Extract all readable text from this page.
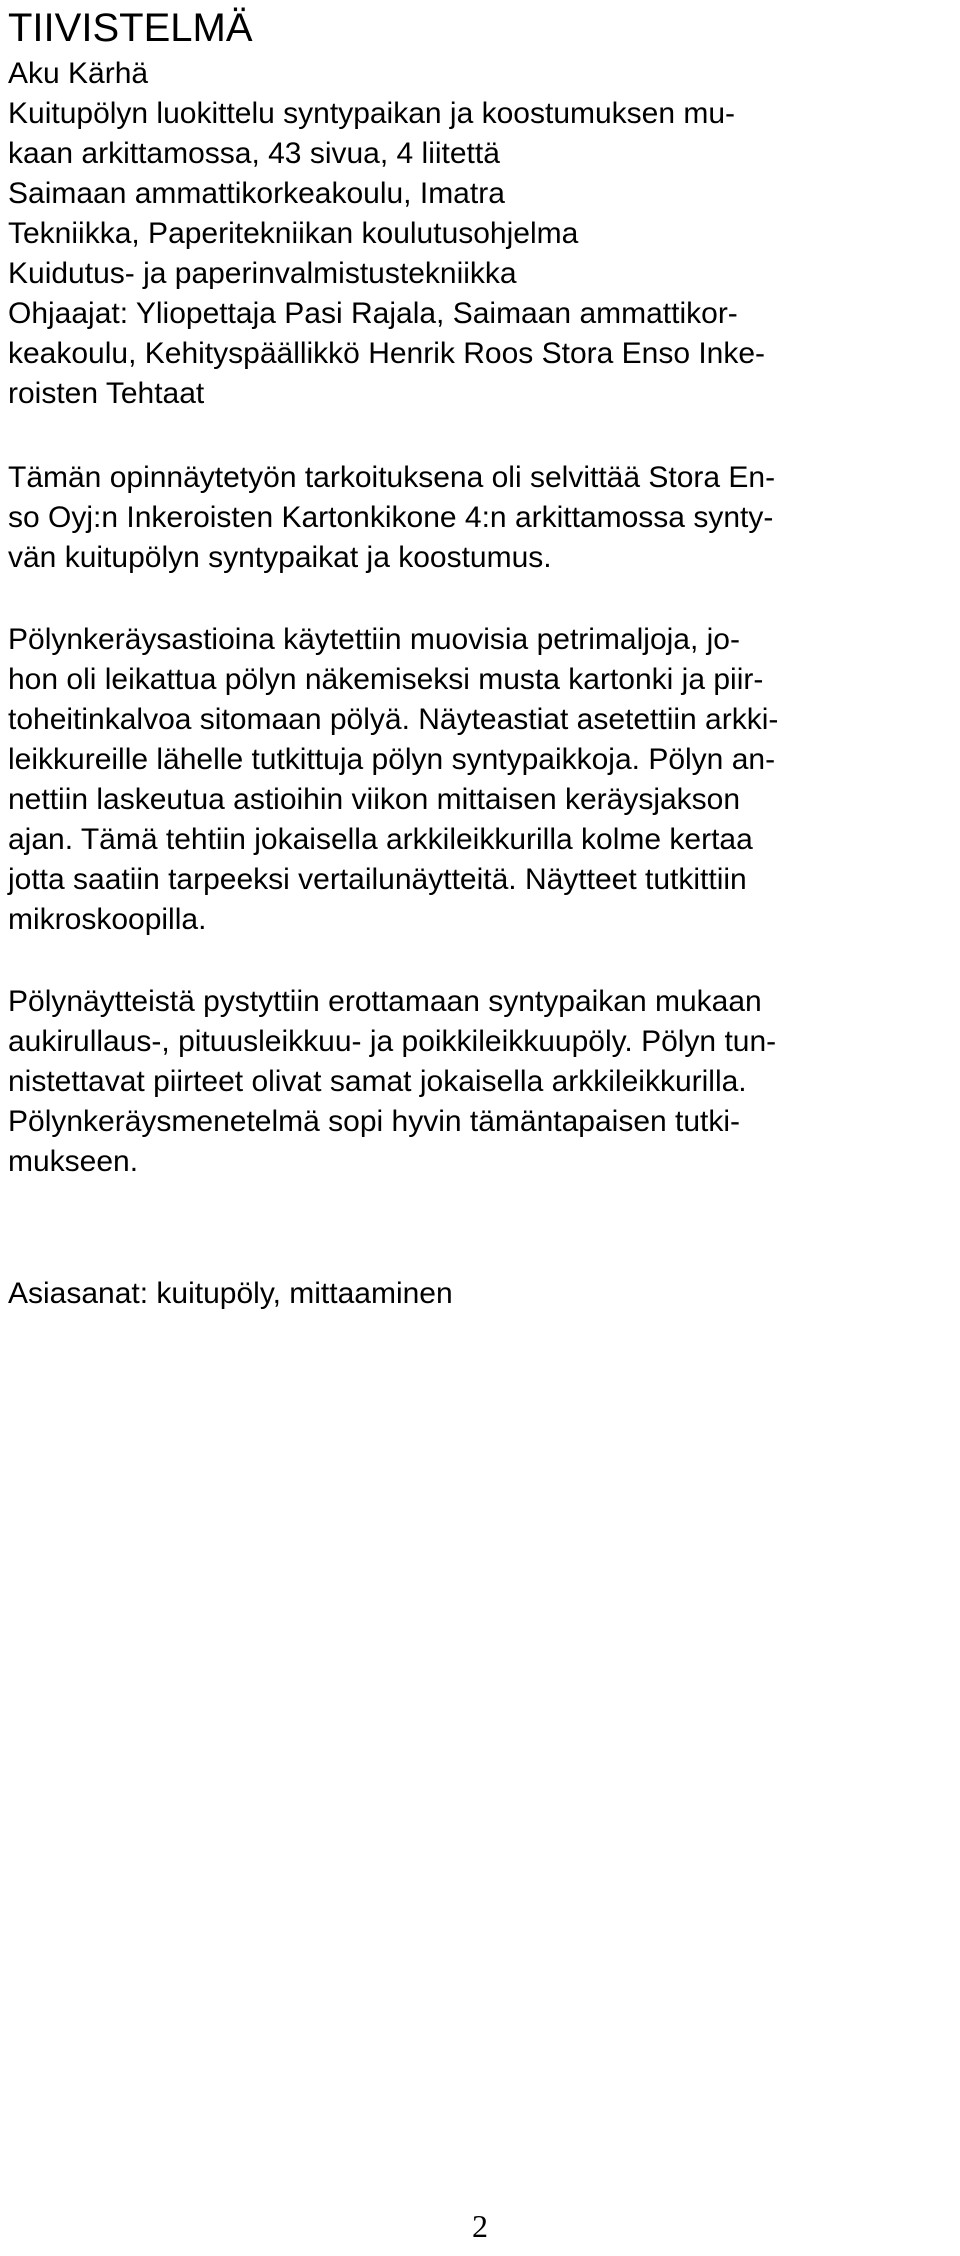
TIIVISTELMÄ

Aku Kärhä

Kuitupölyn luokittelu syntypaikan ja koostumuksen mu-

kaan arkittamossa, 43 sivua, 4 liitettä

Saimaan ammattikorkeakoulu, Imatra

Tekniikka, Paperitekniikan koulutusohjelma

Kuidutus- ja paperinvalmistustekniikka

Ohjaajat: Yliopettaja Pasi Rajala, Saimaan ammattikor-

keakoulu, Kehityspäällikkö Henrik Roos Stora Enso Inke-

roisten Tehtaat

Tämän opinnäytetyön tarkoituksena oli selvittää Stora En-

so Oyj:n Inkeroisten Kartonkikone 4:n arkittamossa synty-

vän kuitupölyn syntypaikat ja koostumus.

Pölynkeräysastioina käytettiin muovisia petrimaljoja, jo-

hon oli leikattua pölyn näkemiseksi musta kartonki ja piir-

toheitinkalvoa sitomaan pölyä. Näyteastiat asetettiin arkki-

leikkureille lähelle tutkittuja pölyn syntypaikkoja. Pölyn an-

nettiin laskeutua astioihin viikon mittaisen keräysjakson

ajan. Tämä tehtiin jokaisella arkkileikkurilla kolme kertaa

jotta saatiin tarpeeksi vertailunäytteitä. Näytteet tutkittiin

mikroskoopilla.

Pölynäytteistä pystyttiin erottamaan syntypaikan mukaan

aukirullaus-, pituusleikkuu- ja poikkileikkuupöly. Pölyn tun-

nistettavat piirteet olivat samat jokaisella arkkileikkurilla.

Pölynkeräysmenetelmä sopi hyvin tämäntapaisen tutki-

mukseen.

Asiasanat: kuitupöly, mittaaminen

2
